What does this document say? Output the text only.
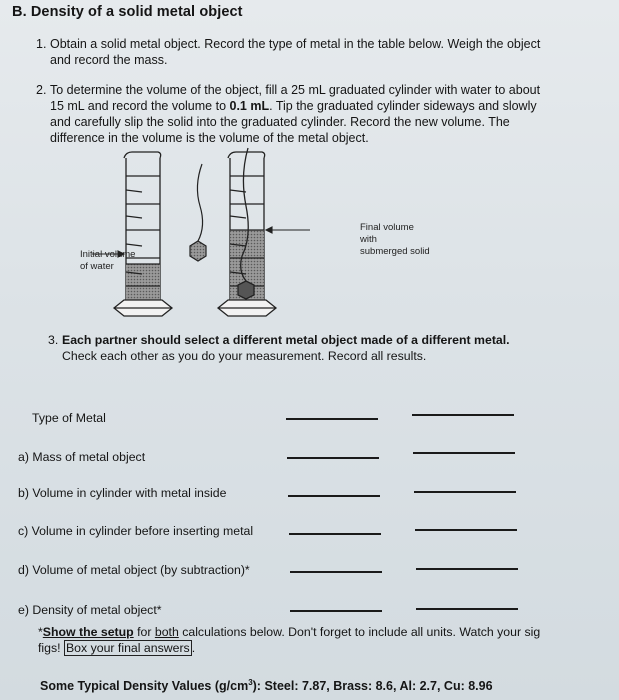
B. Density of a solid metal object
1. Obtain a solid metal object. Record the type of metal in the table below. Weigh the object and record the mass.
2. To determine the volume of the object, fill a 25 mL graduated cylinder with water to about 15 mL and record the volume to 0.1 mL. Tip the graduated cylinder sideways and slowly and carefully slip the solid into the graduated cylinder. Record the new volume. The difference in the volume is the volume of the metal object.
Initial volume
of water
Final volume with
submerged solid
3. Each partner should select a different metal object made of a different metal.
Check each other as you do your measurement. Record all results.
Type of Metal
a) Mass of metal object
b) Volume in cylinder with metal inside
c) Volume in cylinder before inserting metal
d) Volume of metal object (by subtraction)*
e) Density of metal object*
*Show the setup for both calculations below. Don't forget to include all units. Watch your sig figs! Box your final answers .
Some Typical Density Values $(g/cm^3)$: Steel: 7.87, Brass: 8.6, Al: 2.7, Cu: 8.96
